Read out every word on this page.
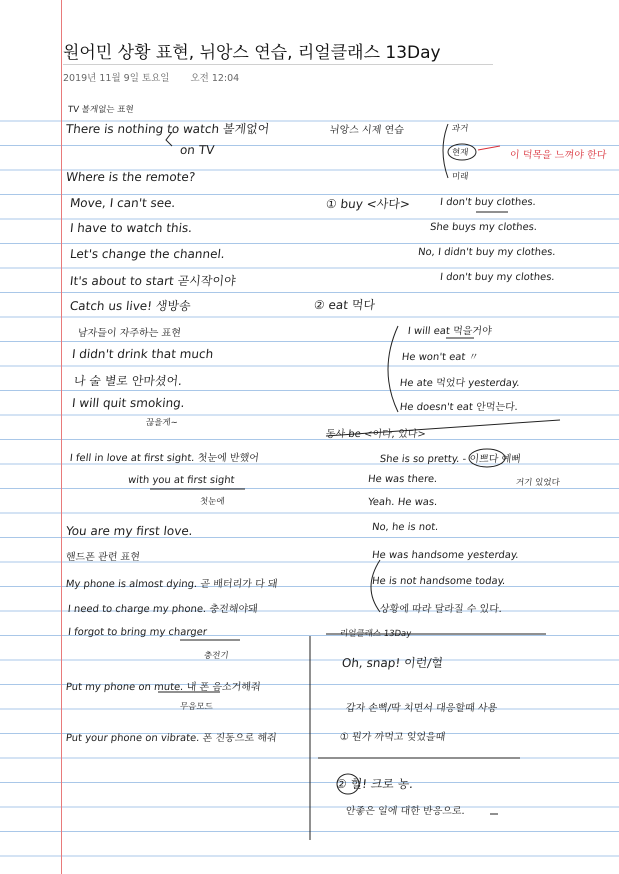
원어민 상황 표현, 뉘앙스 연습, 리얼클래스 13Day
2019년 11월 9일 토요일 오전 12:04
TV 볼게없는 표현
There is nothing to watch 볼게없어
on TV
Where is the remote?
Move, I can't see.
I have to watch this.
Let's change the channel.
It's about to start 곧시작이야
Catch us live! 생방송
남자들이 자주하는 표현
I didn't drink that much
나 술 별로 안마셨어.
I will quit smoking.
끊을게~
I fell in love at first sight. 첫눈에 반했어
with you at first sight
첫눈에
You are my first love.
핸드폰 관련 표현
My phone is almost dying. 곧 배터리가 다 돼
I need to charge my phone. 충전해야돼
I forgot to bring my charger
충전기
Put my phone on mute. 내 폰 음소거해줘
무음모드
Put your phone on vibrate. 폰 진동으로 해줘
뉘앙스 시제 연습	과거
현재
미래
이 덕목을 느껴야 한다
① buy <사다>	I don't buy clothes.
She buys my clothes.
No, I didn't buy my clothes.
I don't buy my clothes.
② eat 먹다
I will eat 먹을거야
He won't eat 〃
He ate 먹었다 yesterday.
He doesn't eat 안먹는다.
동사 be <이다, 있다>
She is so pretty. - 이쁘다 예뻐
He was there.	거기 있었다
Yeah. He was.
No, he is not.
He was handsome yesterday.
He is not handsome today.
상황에 따라 달라질 수 있다.
리얼클래스 13Day
Oh, snap! 이런/헐
갑자 손뼉/딱 치면서 대응할때 사용
① 뭔가 까먹고 잊었을때
② 헐! 크로 농.
안좋은 일에 대한 반응으로.
